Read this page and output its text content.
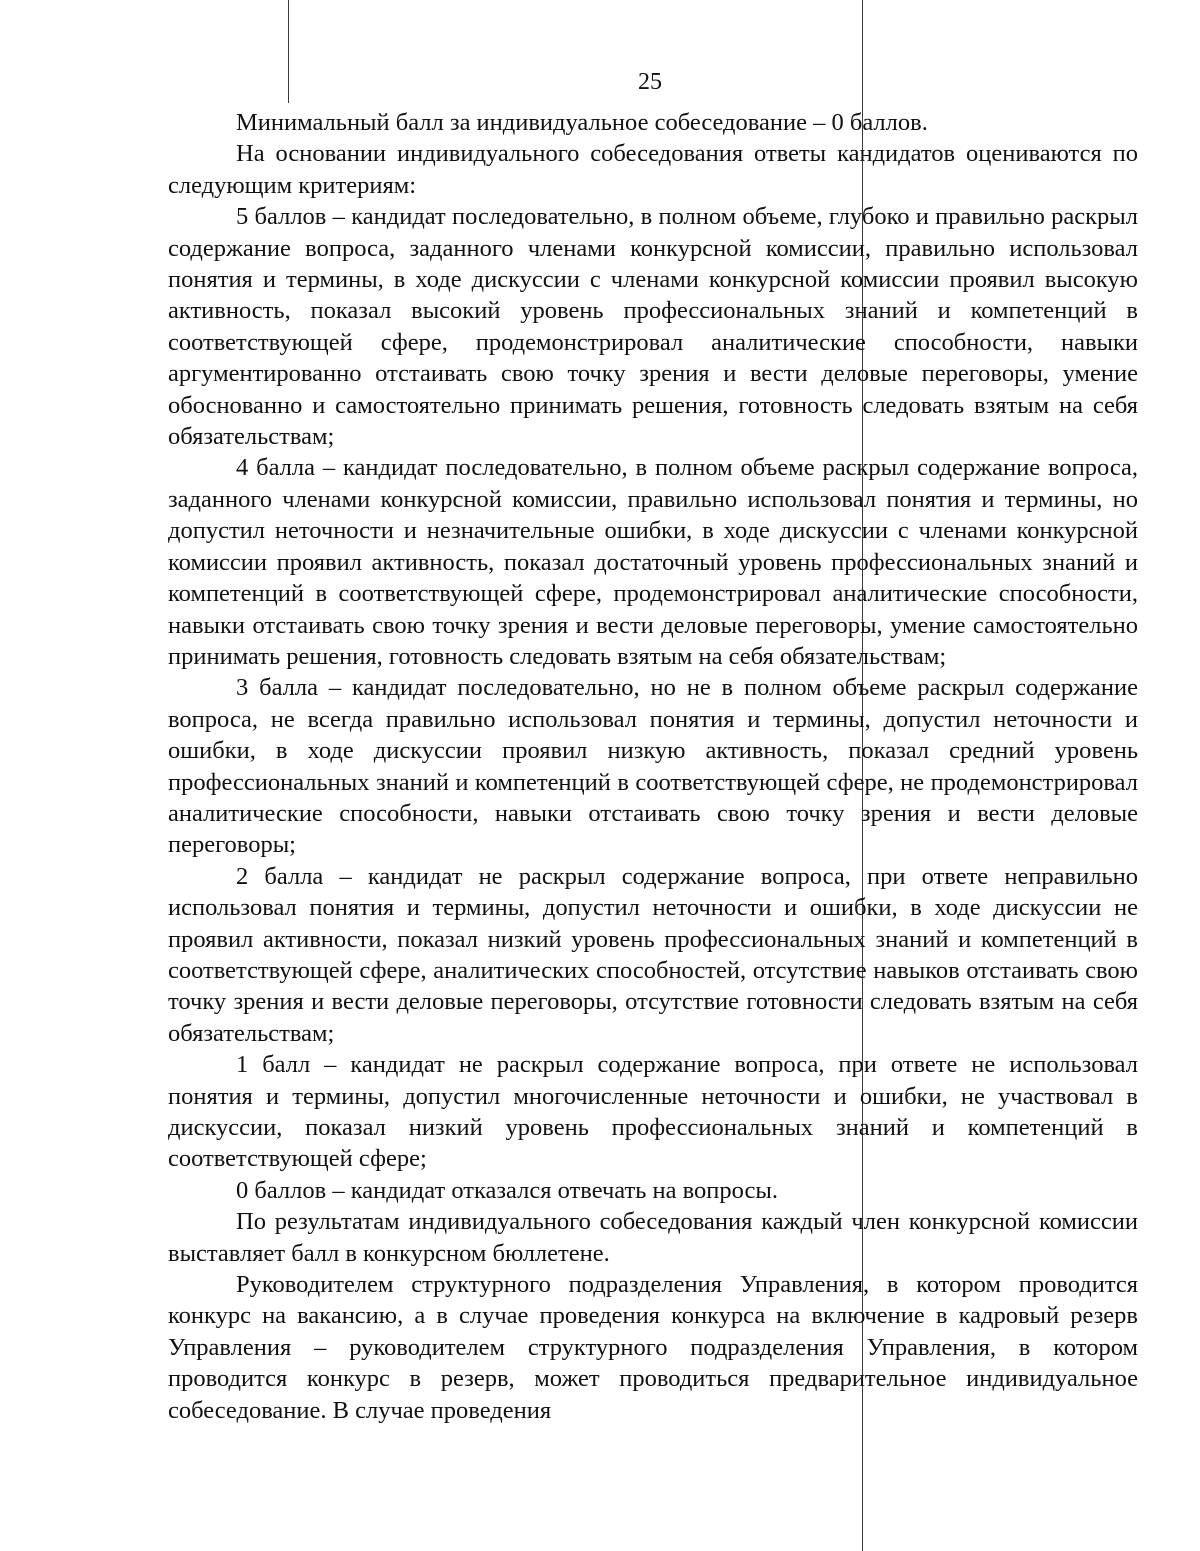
25

Минимальный балл за индивидуальное собеседование – 0 баллов.

На основании индивидуального собеседования ответы кандидатов оцениваются по следующим критериям:

5 баллов – кандидат последовательно, в полном объеме, глубоко и правильно раскрыл содержание вопроса, заданного членами конкурсной комиссии, правильно использовал понятия и термины, в ходе дискуссии с членами конкурсной комиссии проявил высокую активность, показал высокий уровень профессиональных знаний и компетенций в соответствующей сфере, продемонстрировал аналитические способности, навыки аргументированно отстаивать свою точку зрения и вести деловые переговоры, умение обоснованно и самостоятельно принимать решения, готовность следовать взятым на себя обязательствам;

4 балла – кандидат последовательно, в полном объеме раскрыл содержание вопроса, заданного членами конкурсной комиссии, правильно использовал понятия и термины, но допустил неточности и незначительные ошибки, в ходе дискуссии с членами конкурсной комиссии проявил активность, показал достаточный уровень профессиональных знаний и компетенций в соответствующей сфере, продемонстрировал аналитические способности, навыки отстаивать свою точку зрения и вести деловые переговоры, умение самостоятельно принимать решения, готовность следовать взятым на себя обязательствам;

3 балла – кандидат последовательно, но не в полном объеме раскрыл содержание вопроса, не всегда правильно использовал понятия и термины, допустил неточности и ошибки, в ходе дискуссии проявил низкую активность, показал средний уровень профессиональных знаний и компетенций в соответствующей сфере, не продемонстрировал аналитические способности, навыки отстаивать свою точку зрения и вести деловые переговоры;

2 балла – кандидат не раскрыл содержание вопроса, при ответе неправильно использовал понятия и термины, допустил неточности и ошибки, в ходе дискуссии не проявил активности, показал низкий уровень профессиональных знаний и компетенций в соответствующей сфере, аналитических способностей, отсутствие навыков отстаивать свою точку зрения и вести деловые переговоры, отсутствие готовности следовать взятым на себя обязательствам;

1 балл – кандидат не раскрыл содержание вопроса, при ответе не использовал понятия и термины, допустил многочисленные неточности и ошибки, не участвовал в дискуссии, показал низкий уровень профессиональных знаний и компетенций в соответствующей сфере;

0 баллов – кандидат отказался отвечать на вопросы.

По результатам индивидуального собеседования каждый член конкурсной комиссии выставляет балл в конкурсном бюллетене.

Руководителем структурного подразделения Управления, в котором проводится конкурс на вакансию, а в случае проведения конкурса на включение в кадровый резерв Управления – руководителем структурного подразделения Управления, в котором проводится конкурс в резерв, может проводиться предварительное индивидуальное собеседование. В случае проведения
